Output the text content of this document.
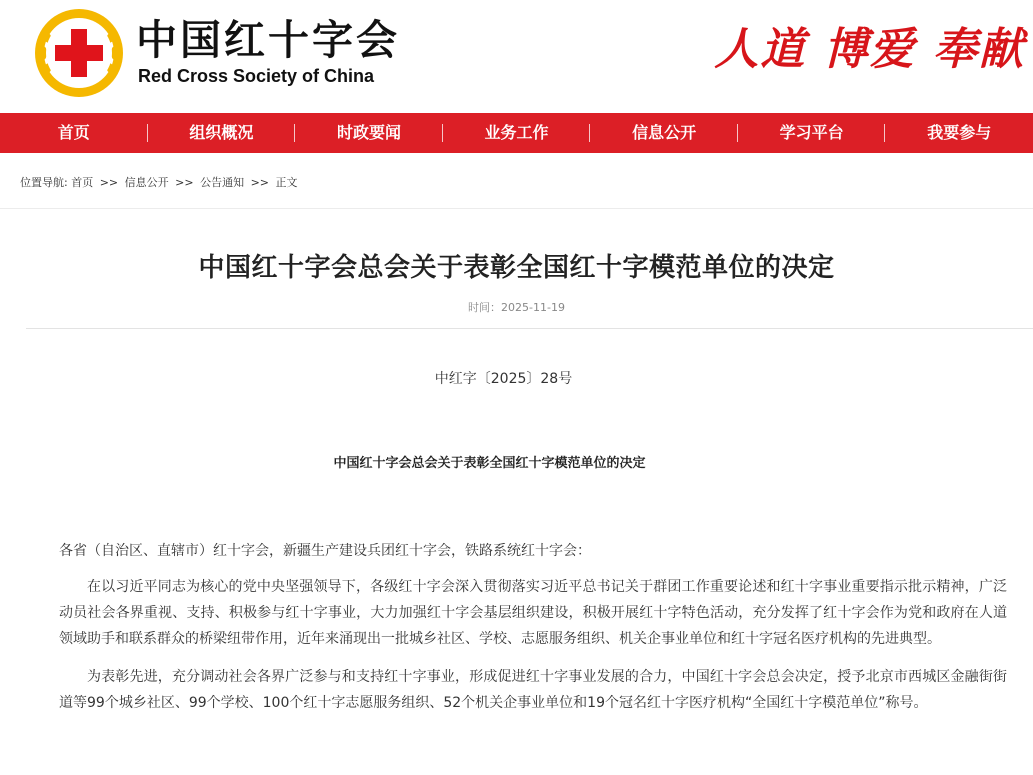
中国红十字会
Red Cross Society of China
人道 博爱 奉献
首页	组织概况	时政要闻	业务工作	信息公开	学习平台	我要参与
位置导航: 首页 >> 信息公开 >> 公告通知 >> 正文
中国红十字会总会关于表彰全国红十字模范单位的决定
时间：2025-11-19
中红字〔2025〕28号
中国红十字会总会关于表彰全国红十字模范单位的决定

各省（自治区、直辖市）红十字会，新疆生产建设兵团红十字会，铁路系统红十字会：

在以习近平同志为核心的党中央坚强领导下，各级红十字会深入贯彻落实习近平总书记关于群团工作重要论述和红十字事业重要指示批示精神，广泛动员社会各界重视、支持、积极参与红十字事业，大力加强红十字会基层组织建设，积极开展红十字特色活动，充分发挥了红十字会作为党和政府在人道领域助手和联系群众的桥梁纽带作用，近年来涌现出一批城乡社区、学校、志愿服务组织、机关企事业单位和红十字冠名医疗机构的先进典型。

为表彰先进，充分调动社会各界广泛参与和支持红十字事业，形成促进红十字事业发展的合力，中国红十字会总会决定，授予北京市西城区金融街街道等99个城乡社区、99个学校、100个红十字志愿服务组织、52个机关企事业单位和19个冠名红十字医疗机构“全国红十字模范单位”称号。
